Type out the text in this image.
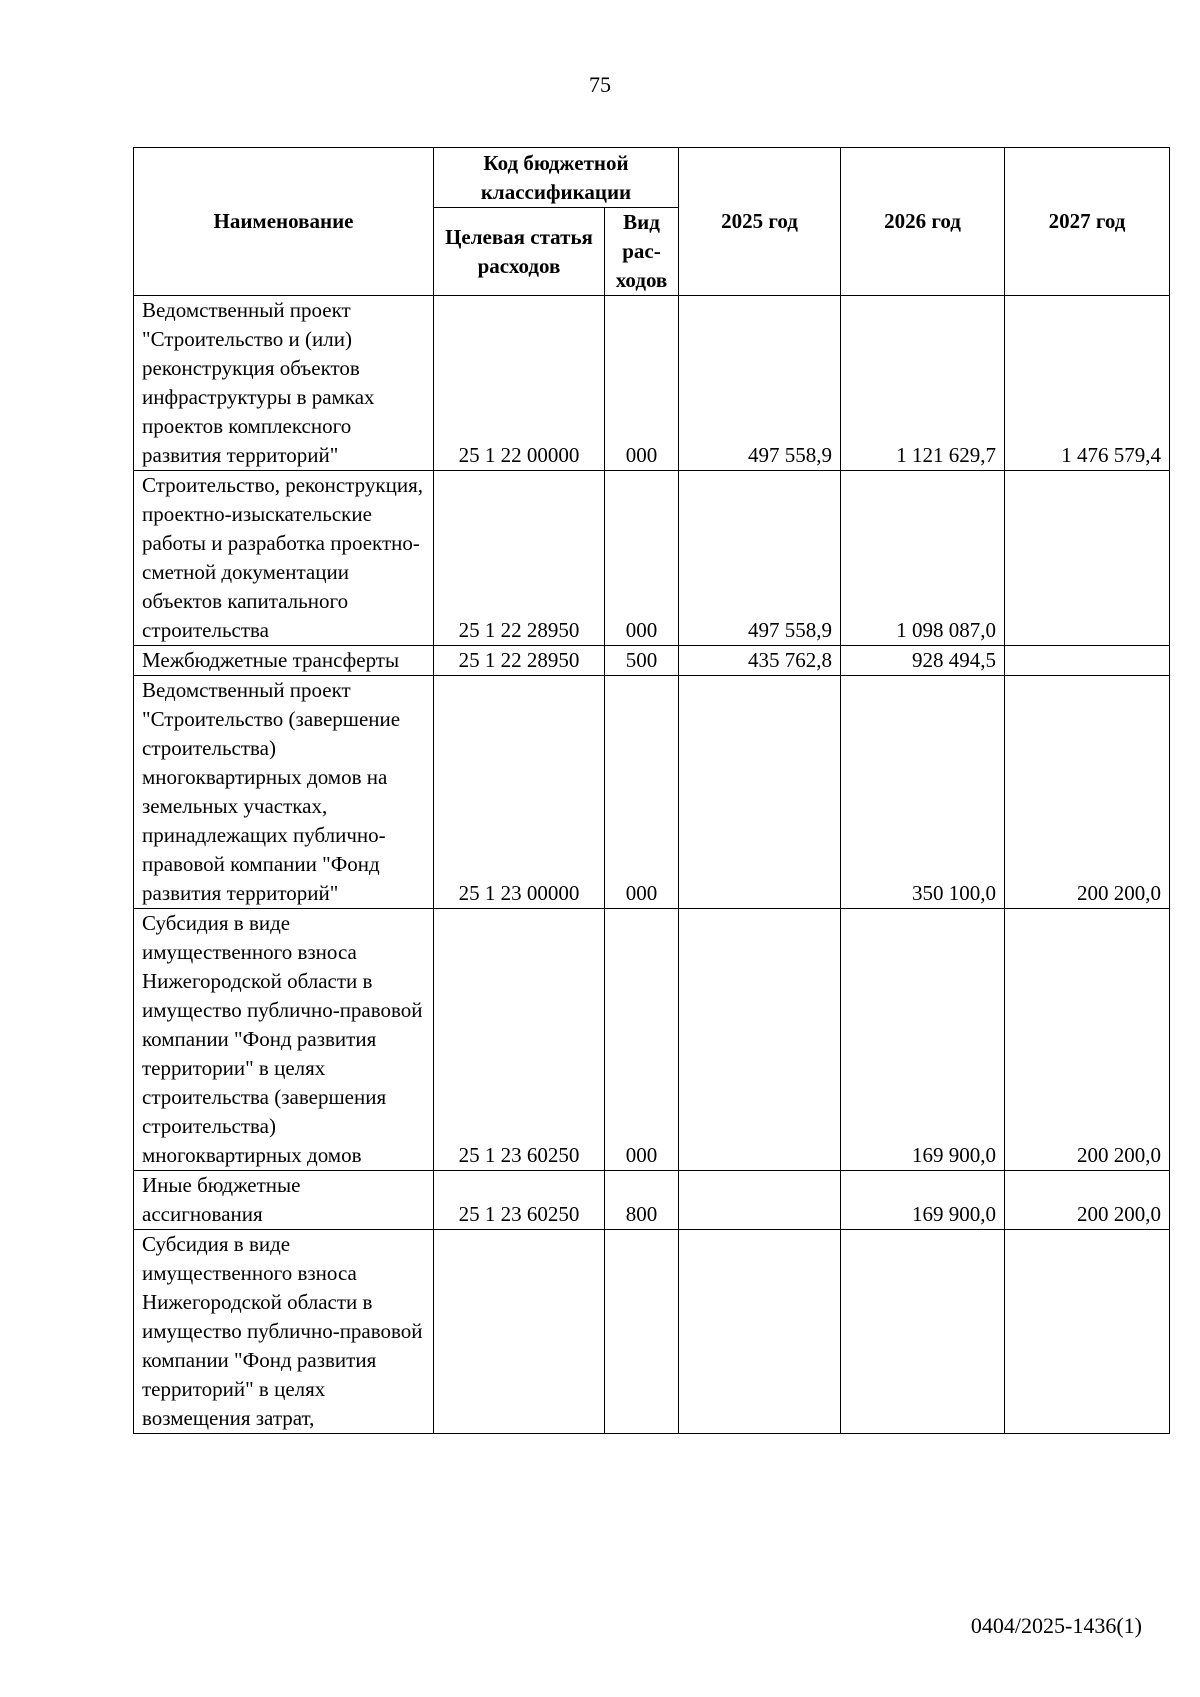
75
Наименование	Код бюджетной классификации		2025 год	2026 год	2027 год
	Целевая статья расходов	Вид рас-ходов			
Ведомственный проект "Строительство и (или) реконструкция объектов инфраструктуры в рамках проектов комплексного развития территорий"	25 1 22 00000	000	497 558,9	1 121 629,7	1 476 579,4
Строительство, реконструкция, проектно-изыскательские работы и разработка проектно-сметной документации объектов капитального строительства	25 1 22 28950	000	497 558,9	1 098 087,0	
Межбюджетные трансферты	25 1 22 28950	500	435 762,8	928 494,5	
Ведомственный проект "Строительство (завершение строительства) многоквартирных домов на земельных участках, принадлежащих публично-правовой компании "Фонд развития территорий"	25 1 23 00000	000		350 100,0	200 200,0
Субсидия в виде имущественного взноса Нижегородской области в имущество публично-правовой компании "Фонд развития территории" в целях строительства (завершения строительства) многоквартирных домов	25 1 23 60250	000		169 900,0	200 200,0
Иные бюджетные ассигнования	25 1 23 60250	800		169 900,0	200 200,0
Субсидия в виде имущественного взноса Нижегородской области в имущество публично-правовой компании "Фонд развития территорий" в целях возмещения затрат,					
0404/2025-1436(1)
